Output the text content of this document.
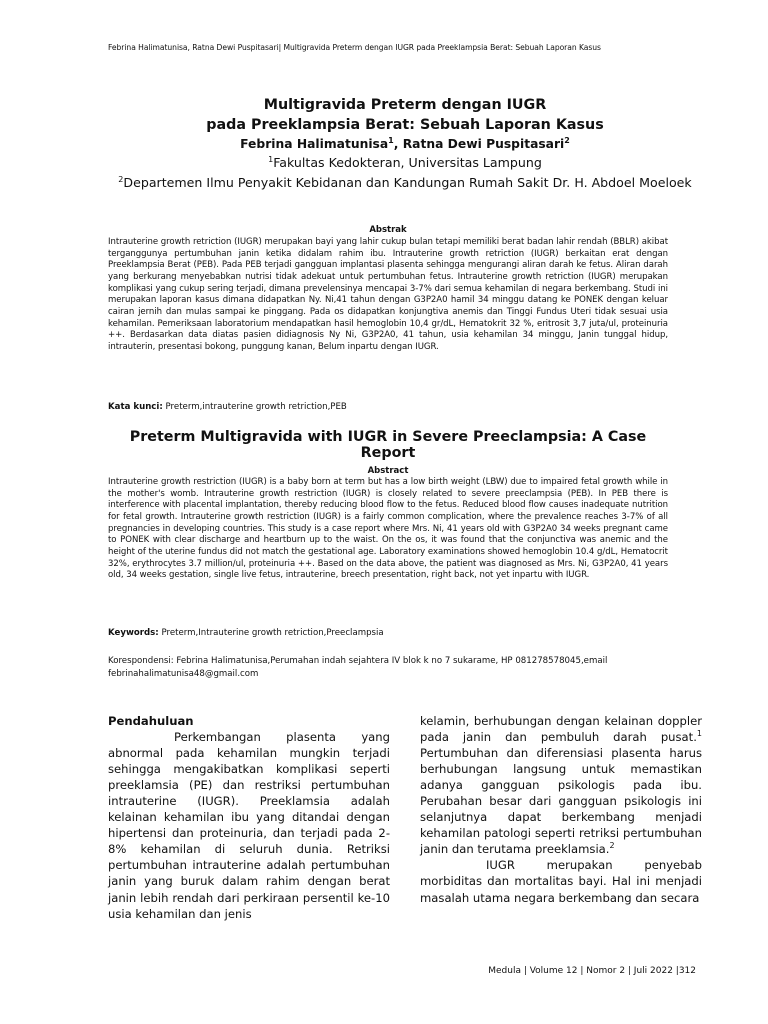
Febrina Halimatunisa, Ratna Dewi Puspitasari| Multigravida Preterm dengan IUGR pada Preeklampsia Berat: Sebuah Laporan Kasus
Multigravida Preterm dengan IUGR
pada Preeklampsia Berat: Sebuah Laporan Kasus
Febrina Halimatunisa$^1$, Ratna Dewi Puspitasari$^2$
$^1$Fakultas Kedokteran, Universitas Lampung
$^2$Departemen Ilmu Penyakit Kebidanan dan Kandungan Rumah Sakit Dr. H. Abdoel Moeloek
Abstrak
Intrauterine growth retriction (IUGR) merupakan bayi yang lahir cukup bulan tetapi memiliki berat badan lahir rendah (BBLR) akibat terganggunya pertumbuhan janin ketika didalam rahim ibu. Intrauterine growth retriction (IUGR) berkaitan erat dengan Preeklampsia Berat (PEB). Pada PEB terjadi gangguan implantasi plasenta sehingga mengurangi aliran darah ke fetus. Aliran darah yang berkurang menyebabkan nutrisi tidak adekuat untuk pertumbuhan fetus. Intrauterine growth retriction (IUGR) merupakan komplikasi yang cukup sering terjadi, dimana prevelensinya mencapai 3-7% dari semua kehamilan di negara berkembang. Studi ini merupakan laporan kasus dimana didapatkan Ny. Ni,41 tahun dengan G3P2A0 hamil 34 minggu datang ke PONEK dengan keluar cairan jernih dan mulas sampai ke pinggang. Pada os didapatkan konjungtiva anemis dan Tinggi Fundus Uteri tidak sesuai usia kehamilan. Pemeriksaan laboratorium mendapatkan hasil hemoglobin 10,4 gr/dL, Hematokrit 32 %, eritrosit 3,7 juta/ul, proteinuria ++. Berdasarkan data diatas pasien didiagnosis Ny Ni, G3P2A0, 41 tahun, usia kehamilan 34 minggu, Janin tunggal hidup, intrauterin, presentasi bokong, punggung kanan, Belum inpartu dengan IUGR.
Kata kunci: Preterm,intrauterine growth retriction,PEB
Preterm Multigravida with IUGR in Severe Preeclampsia: A Case Report
Abstract
Intrauterine growth restriction (IUGR) is a baby born at term but has a low birth weight (LBW) due to impaired fetal growth while in the mother's womb. Intrauterine growth restriction (IUGR) is closely related to severe preeclampsia (PEB). In PEB there is interference with placental implantation, thereby reducing blood flow to the fetus. Reduced blood flow causes inadequate nutrition for fetal growth. Intrauterine growth restriction (IUGR) is a fairly common complication, where the prevalence reaches 3-7% of all pregnancies in developing countries. This study is a case report where Mrs. Ni, 41 years old with G3P2A0 34 weeks pregnant came to PONEK with clear discharge and heartburn up to the waist. On the os, it was found that the conjunctiva was anemic and the height of the uterine fundus did not match the gestational age. Laboratory examinations showed hemoglobin 10.4 g/dL, Hematocrit 32%, erythrocytes 3.7 million/ul, proteinuria ++. Based on the data above, the patient was diagnosed as Mrs. Ni, G3P2A0, 41 years old, 34 weeks gestation, single live fetus, intrauterine, breech presentation, right back, not yet inpartu with IUGR.
Keywords: Preterm,Intrauterine growth retriction,Preeclampsia
Korespondensi: Febrina Halimatunisa,Perumahan indah sejahtera IV blok k no 7 sukarame, HP 081278578045,email
febrinahalimatunisa48@gmail.com
Pendahuluan

Perkembangan plasenta yang abnormal pada kehamilan mungkin terjadi sehingga mengakibatkan komplikasi seperti preeklamsia (PE) dan restriksi pertumbuhan intrauterine (IUGR). Preeklamsia adalah kelainan kehamilan ibu yang ditandai dengan hipertensi dan proteinuria, dan terjadi pada 2-8% kehamilan di seluruh dunia. Retriksi pertumbuhan intrauterine adalah pertumbuhan janin yang buruk dalam rahim dengan berat janin lebih rendah dari perkiraan persentil ke-10 usia kehamilan dan jenis

kelamin, berhubungan dengan kelainan doppler pada janin dan pembuluh darah pusat.$^1$ Pertumbuhan dan diferensiasi plasenta harus berhubungan langsung untuk memastikan adanya gangguan psikologis pada ibu. Perubahan besar dari gangguan psikologis ini selanjutnya dapat berkembang menjadi kehamilan patologi seperti retriksi pertumbuhan janin dan terutama preeklamsia.$^2$

IUGR merupakan penyebab morbiditas dan mortalitas bayi. Hal ini menjadi masalah utama negara berkembang dan secara

Medula | Volume 12 | Nomor 2 | Juli 2022 |312
